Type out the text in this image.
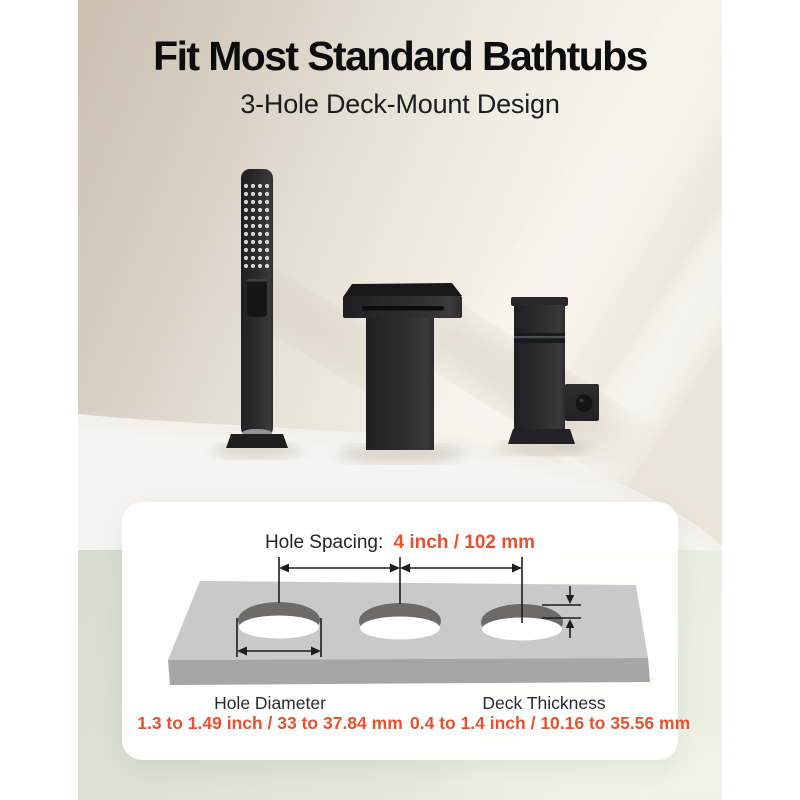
Fit Most Standard Bathtubs
3-Hole Deck-Mount Design
Hole Spacing: 4 inch / 102 mm
Hole Diameter
1.3 to 1.49 inch / 33 to 37.84 mm
Deck Thickness
0.4 to 1.4 inch / 10.16 to 35.56 mm
